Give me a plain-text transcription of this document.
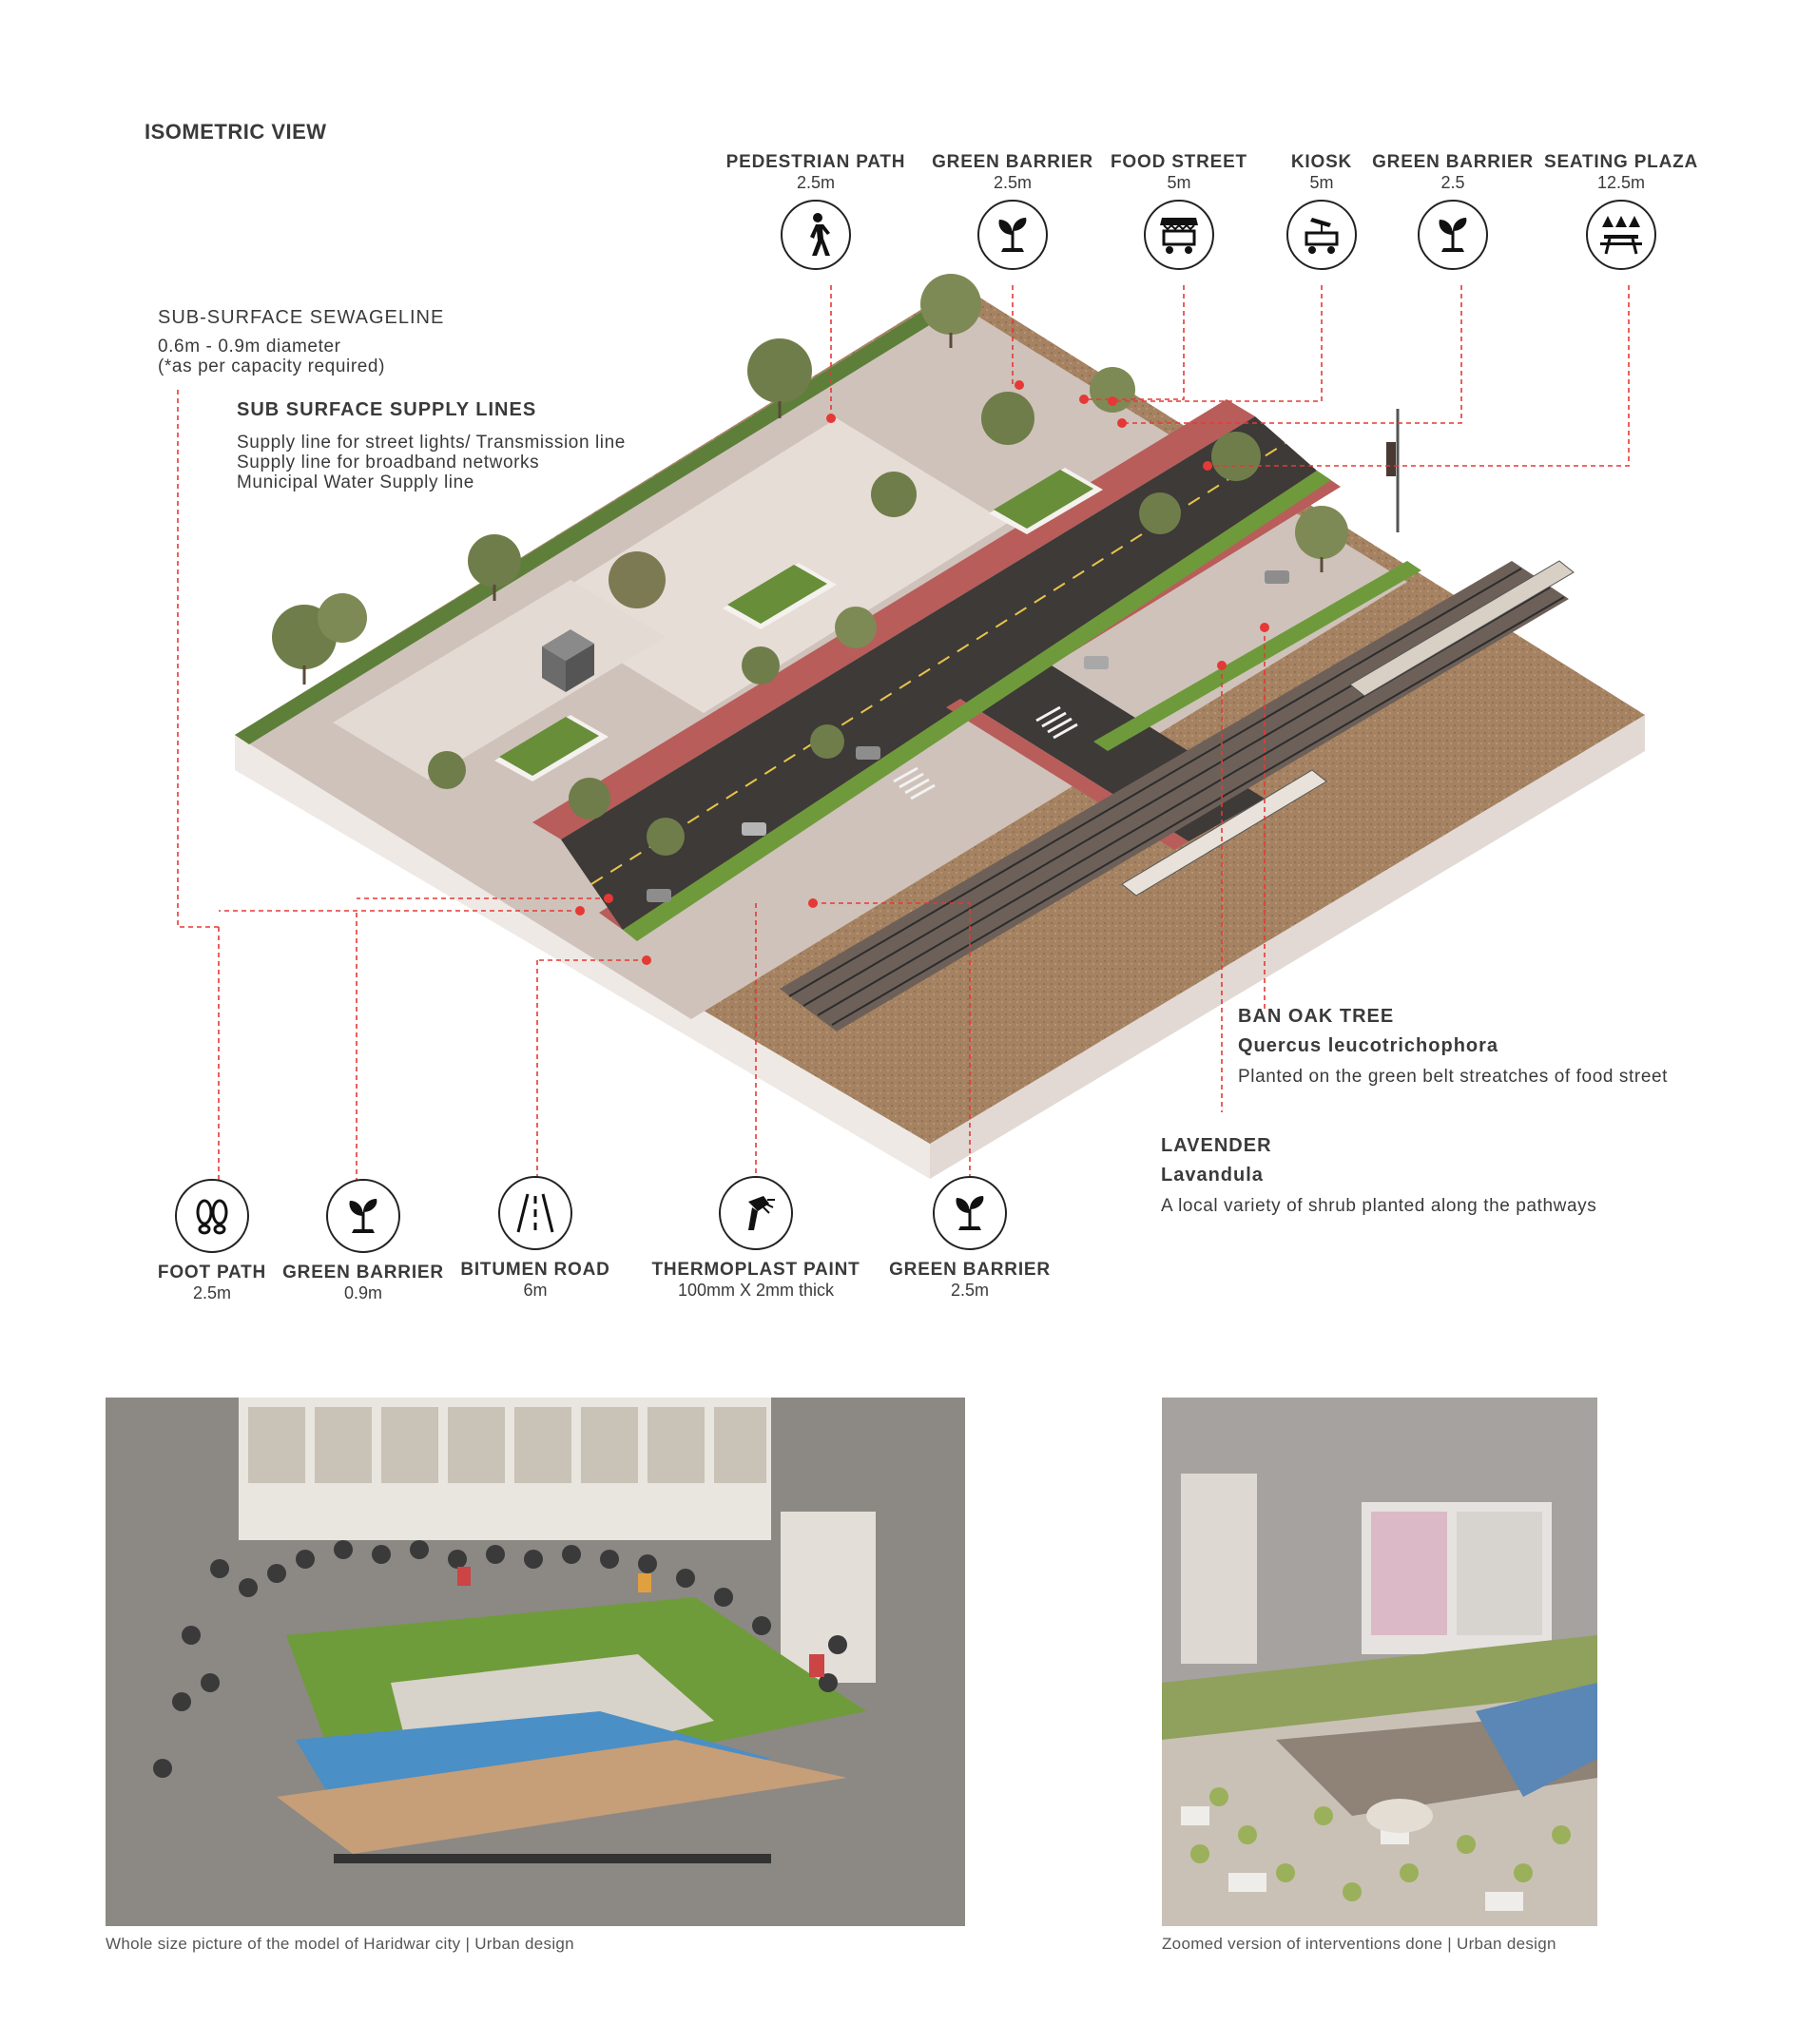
ISOMETRIC VIEW
PEDESTRIAN PATH
2.5m
GREEN BARRIER
2.5m
FOOD STREET
5m
KIOSK
5m
GREEN BARRIER
2.5
SEATING PLAZA
12.5m
SUB-SURFACE SEWAGELINE
0.6m - 0.9m diameter
(*as per capacity required)
SUB SURFACE SUPPLY LINES
Supply line for street lights/ Transmission line
Supply line for broadband networks
Municipal Water Supply line
BAN OAK TREE
Quercus leucotrichophora
Planted on the green belt streatches of food street
LAVENDER
Lavandula
A local variety of shrub planted along the pathways
FOOT PATH
2.5m
GREEN BARRIER
0.9m
BITUMEN ROAD
6m
THERMOPLAST PAINT
100mm X 2mm thick
GREEN BARRIER
2.5m
Whole size picture of the model of Haridwar city | Urban design	Zoomed version of interventions done | Urban design
